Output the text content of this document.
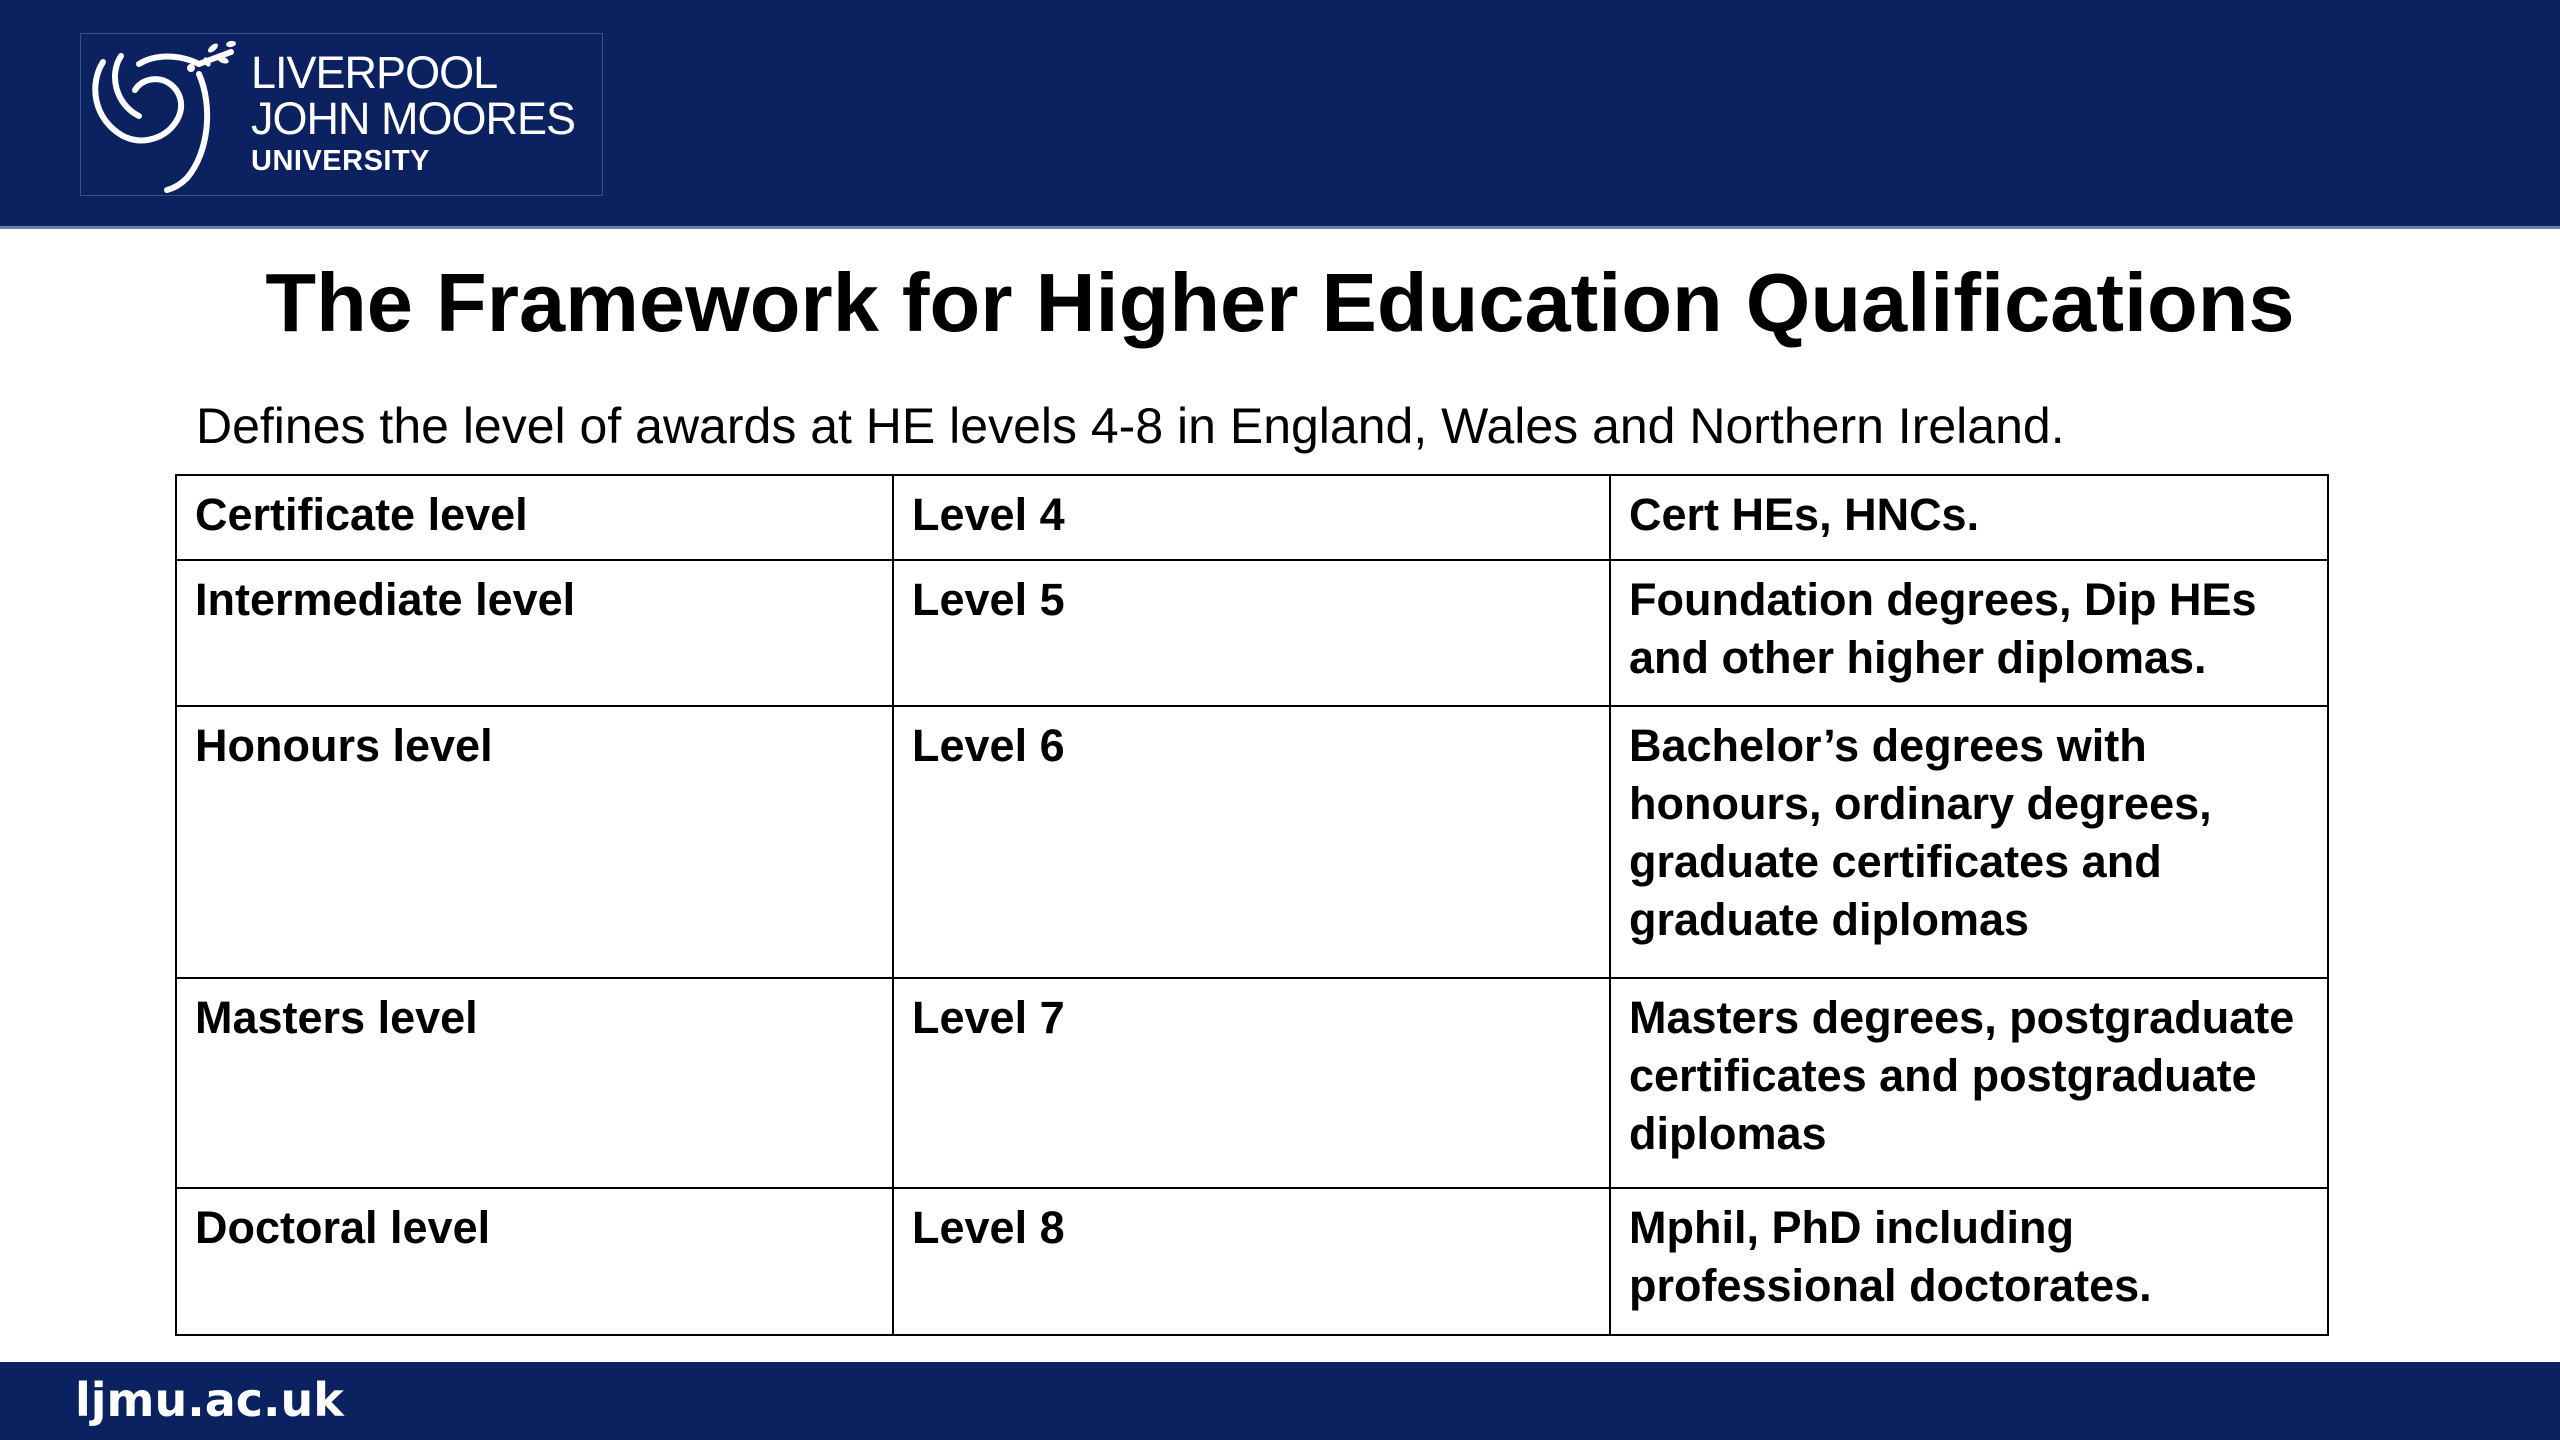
LIVERPOOL
JOHN MOORES
UNIVERSITY
The Framework for Higher Education Qualifications
Defines the level of awards at HE levels 4-8 in England, Wales and Northern Ireland.
Certificate level	Level 4	Cert HEs, HNCs.
Intermediate level	Level 5	Foundation degrees, Dip HEs and other higher diplomas.
Honours level	Level 6	Bachelor’s degrees with honours, ordinary degrees, graduate certificates and graduate diplomas
Masters level	Level 7	Masters degrees, postgraduate certificates and postgraduate diplomas
Doctoral level	Level 8	Mphil, PhD including professional doctorates.
ljmu.ac.uk
